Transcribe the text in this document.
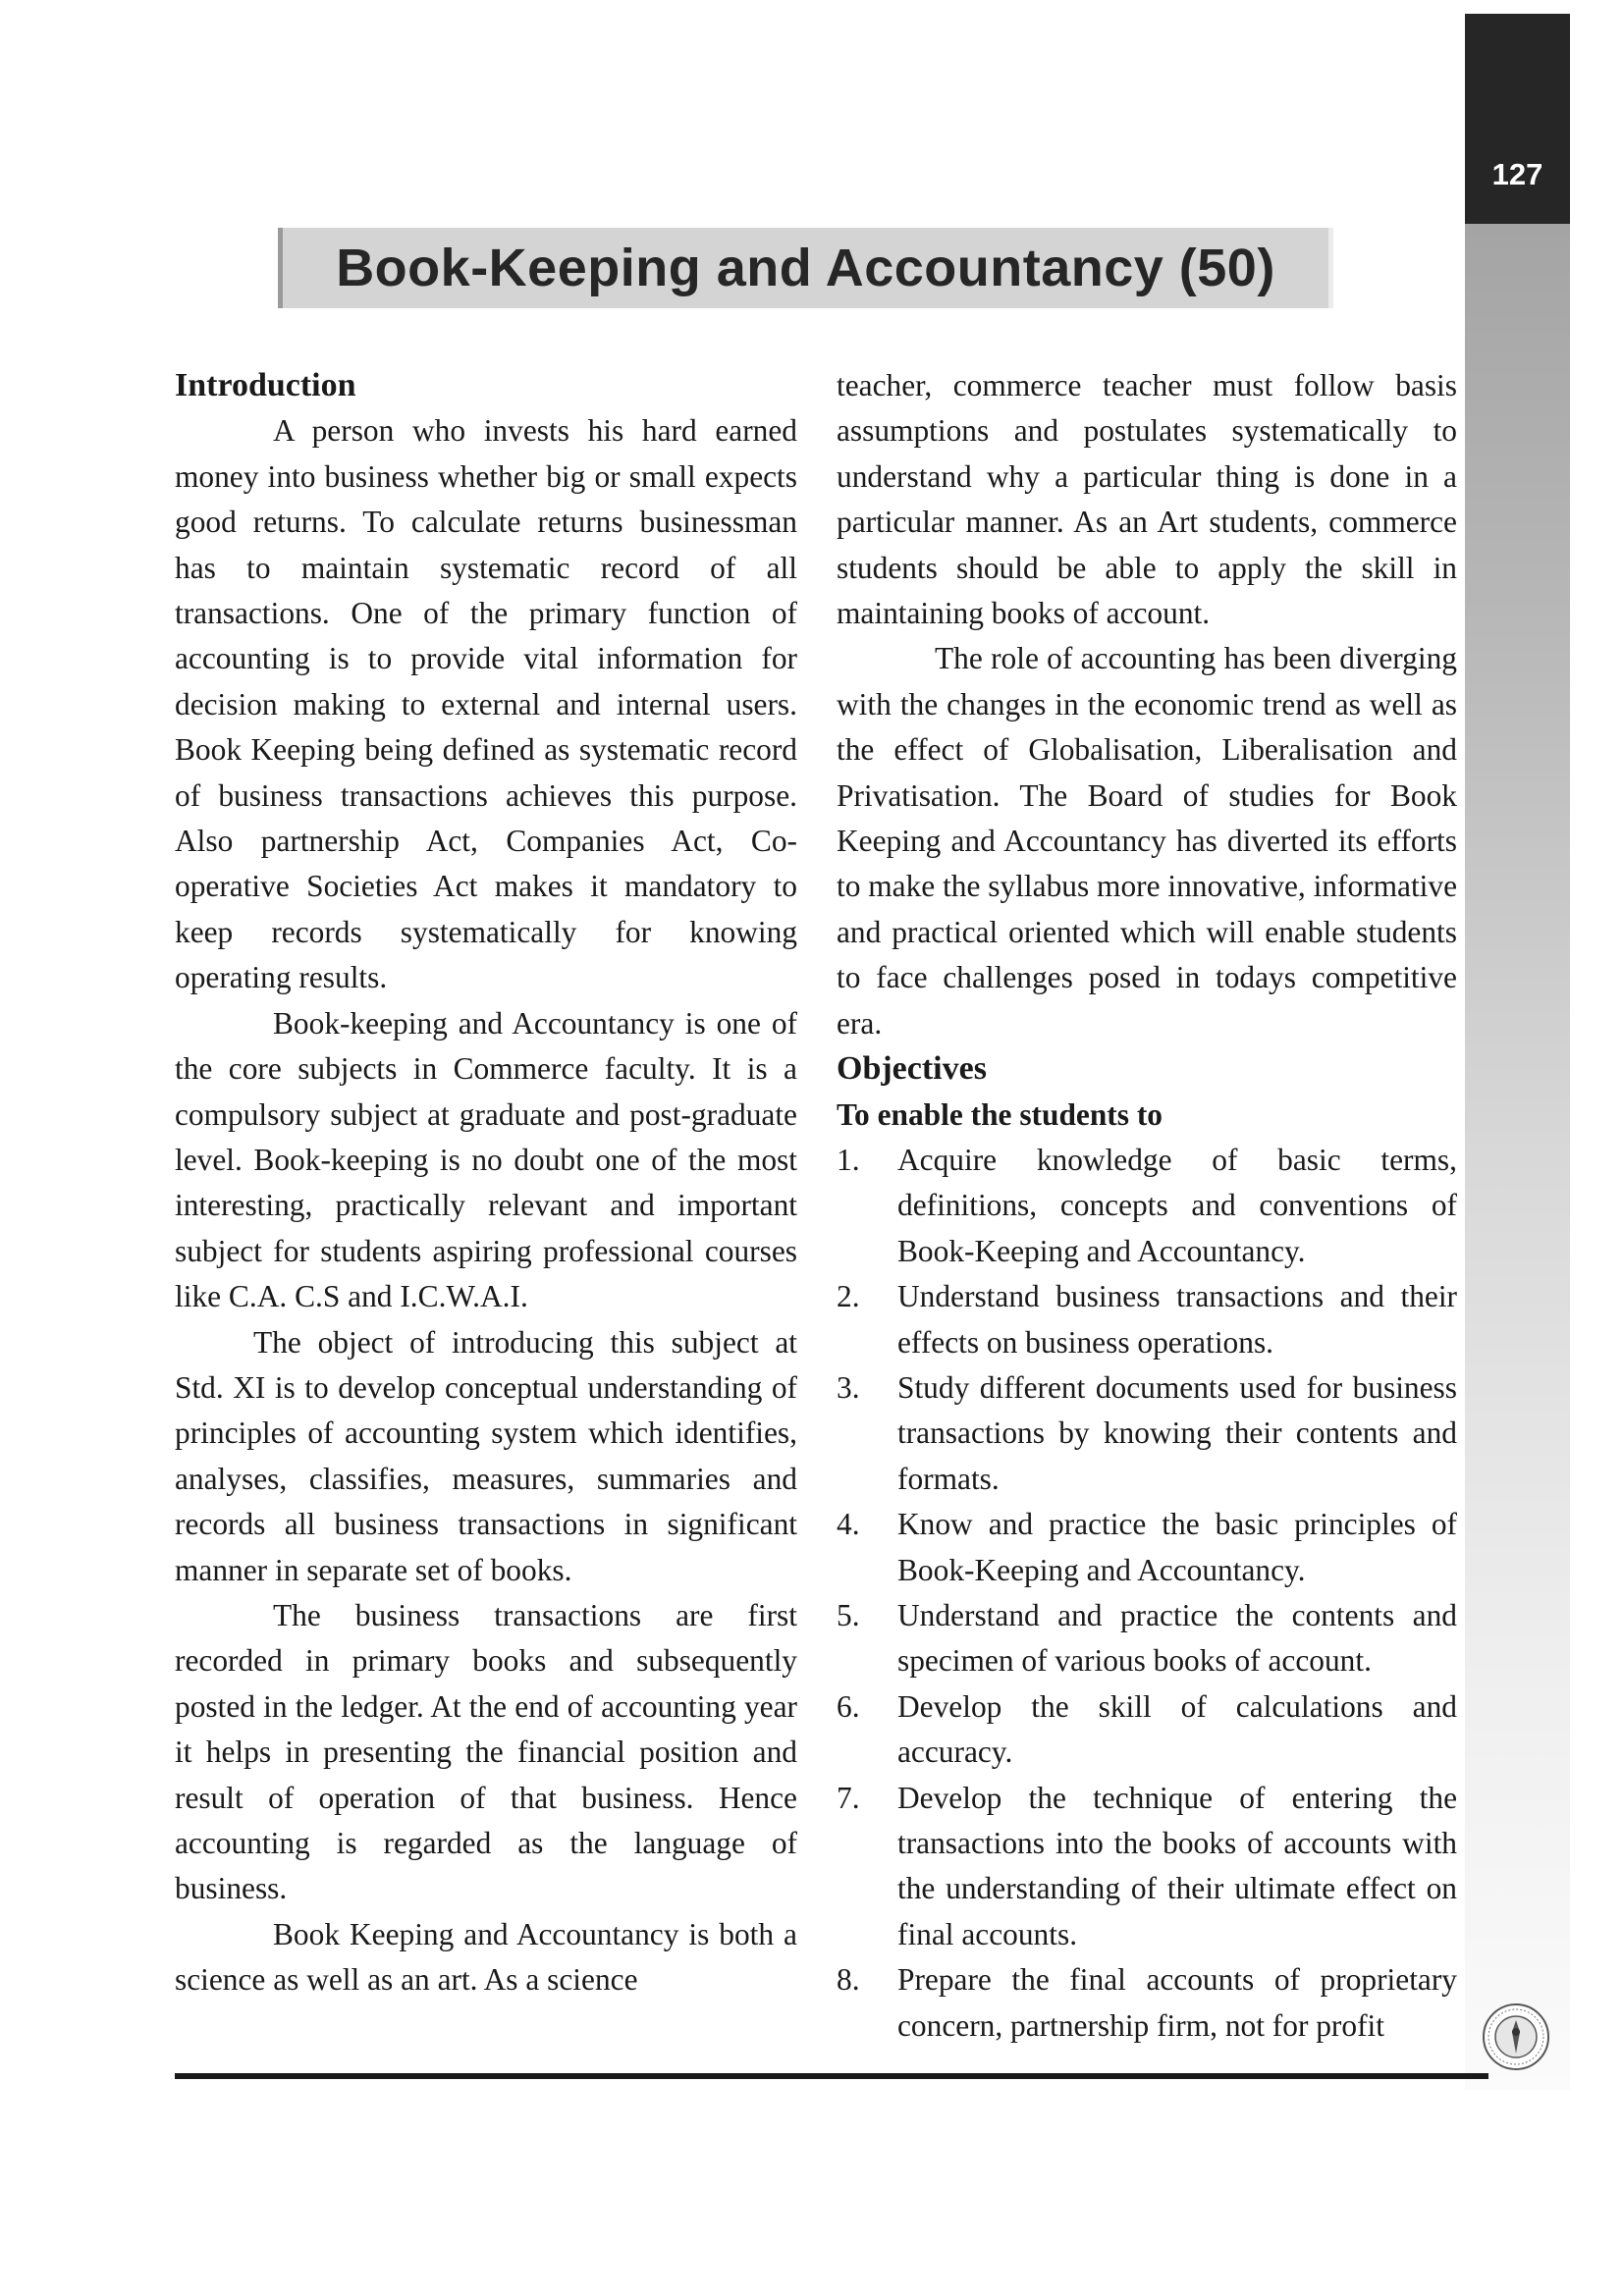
127
Book-Keeping and Accountancy (50)
Introduction

A person who invests his hard earned money into business whether big or small expects good returns. To calculate returns businessman has to maintain systematic record of all transactions. One of the primary function of accounting is to provide vital information for decision making to external and internal users. Book Keeping being defined as systematic record of business transactions achieves this purpose. Also partnership Act, Companies Act, Co-operative Societies Act makes it mandatory to keep records systematically for knowing operating results.

Book-keeping and Accountancy is one of the core subjects in Commerce faculty. It is a compulsory subject at graduate and post-graduate level. Book-keeping is no doubt one of the most interesting, practically relevant and important subject for students aspiring professional courses like C.A. C.S and I.C.W.A.I.

The object of introducing this subject at Std. XI is to develop conceptual understanding of principles of accounting system which identifies, analyses, classifies, measures, summaries and records all business transactions in significant manner in separate set of books.

The business transactions are first recorded in primary books and subsequently posted in the ledger. At the end of accounting year it helps in presenting the financial position and result of operation of that business. Hence accounting is regarded as the language of business.

Book Keeping and Accountancy is both a science as well as an art. As a science

teacher, commerce teacher must follow basis assumptions and postulates systematically to understand why a particular thing is done in a particular manner. As an Art students, commerce students should be able to apply the skill in maintaining books of account.

The role of accounting has been diverging with the changes in the economic trend as well as the effect of Globalisation, Liberalisation and Privatisation. The Board of studies for Book Keeping and Accountancy has diverted its efforts to make the syllabus more innovative, informative and practical oriented which will enable students to face challenges posed in todays competitive era.

Objectives
To enable the students to
1.	Acquire knowledge of basic terms, definitions, concepts and conventions of Book-Keeping and Accountancy.
2.	Understand business transactions and their effects on business operations.
3.	Study different documents used for business transactions by knowing their contents and formats.
4.	Know and practice the basic principles of Book-Keeping and Accountancy.
5.	Understand and practice the contents and specimen of various books of account.
6.	Develop the skill of calculations and accuracy.
7.	Develop the technique of entering the transactions into the books of accounts with the understanding of their ultimate effect on final accounts.
8.	Prepare the final accounts of proprietary concern, partnership firm, not for profit
